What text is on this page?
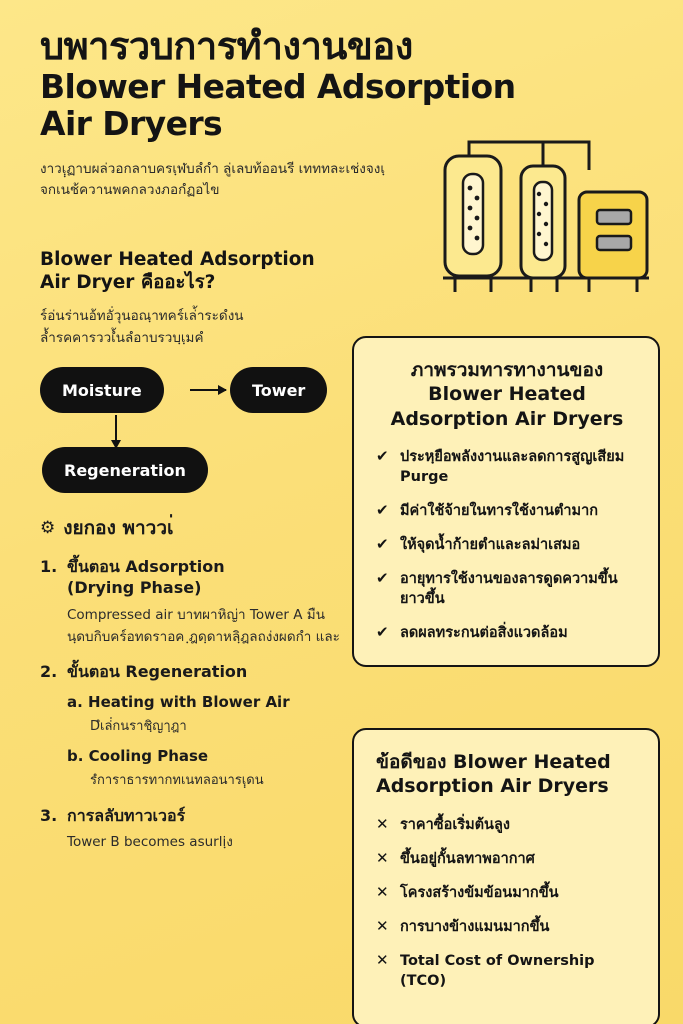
บพารวบการทำงานของ
Blower Heated Adsorption
Air Dryers
งาวเฺฺฏาบผล่วอกลาบครเฺฬบลํกํา ลู่เลบท้ออนรี เทททละเช่งจงเฺจกเนช้ควานพคกลวงภอกํฏอไข
Blower Heated Adsorption
Air Dryer คืออะไร?
ร์อ่นร่านอ้ทอั่วุนอณฺาทคร์เล่้าระดํงน
ลํ้ารคคารววเํ้นลํอาบรวบฺเฺมคํ
Moisture	Tower
Regeneration
⚙ งยกอง พาววเ่
1. ขึ้นตอน Adsorption
(Drying Phase)
Compressed air บาทผาหิญ่า Tower A มืนนฺดบกิบคร์อทดราอค ฺฎดฺดาหลิฺฎลถง่งผดกํา และ
2. ขั้นตอน Regeneration
a. Heating with Blower Air
Dํเล่ํกนราชิฺญาฺฎา
b. Cooling Phase
รํการาธารทากทเนทลอนารเฺฺดน
3. การลลับทาวเวอร์
Tower B becomes asurliฺง
ภาพรวมทารทางานของ
Blower Heated
Adsorption Air Dryers
✔ ประหฺยือพลังงานและลดการสูญเสียม Purge
✔ มีค่าใช้จ้ายในทารใช้งานตำมาก
✔ ให้จุดน้ำก้ายตำและลม่าเสมอ
✔ อายุทารใช้งานของลารดูดความขึ้นยาวขึ้น
✔ ลดผลทระกนต่อสิ่งแวดล้อม
ข้อดีของ Blower Heated
Adsorption Air Dryers
✕ ราคาซื้อเริ่มต้นลูง
✕ ขึ้นอยู่กั้นลทาพอากาศ
✕ โครงสร้างข้มข้อนมากขึ้น
✕ การบางข้างแมนมากขึ้น
✕ Total Cost of Ownership (TCO)
